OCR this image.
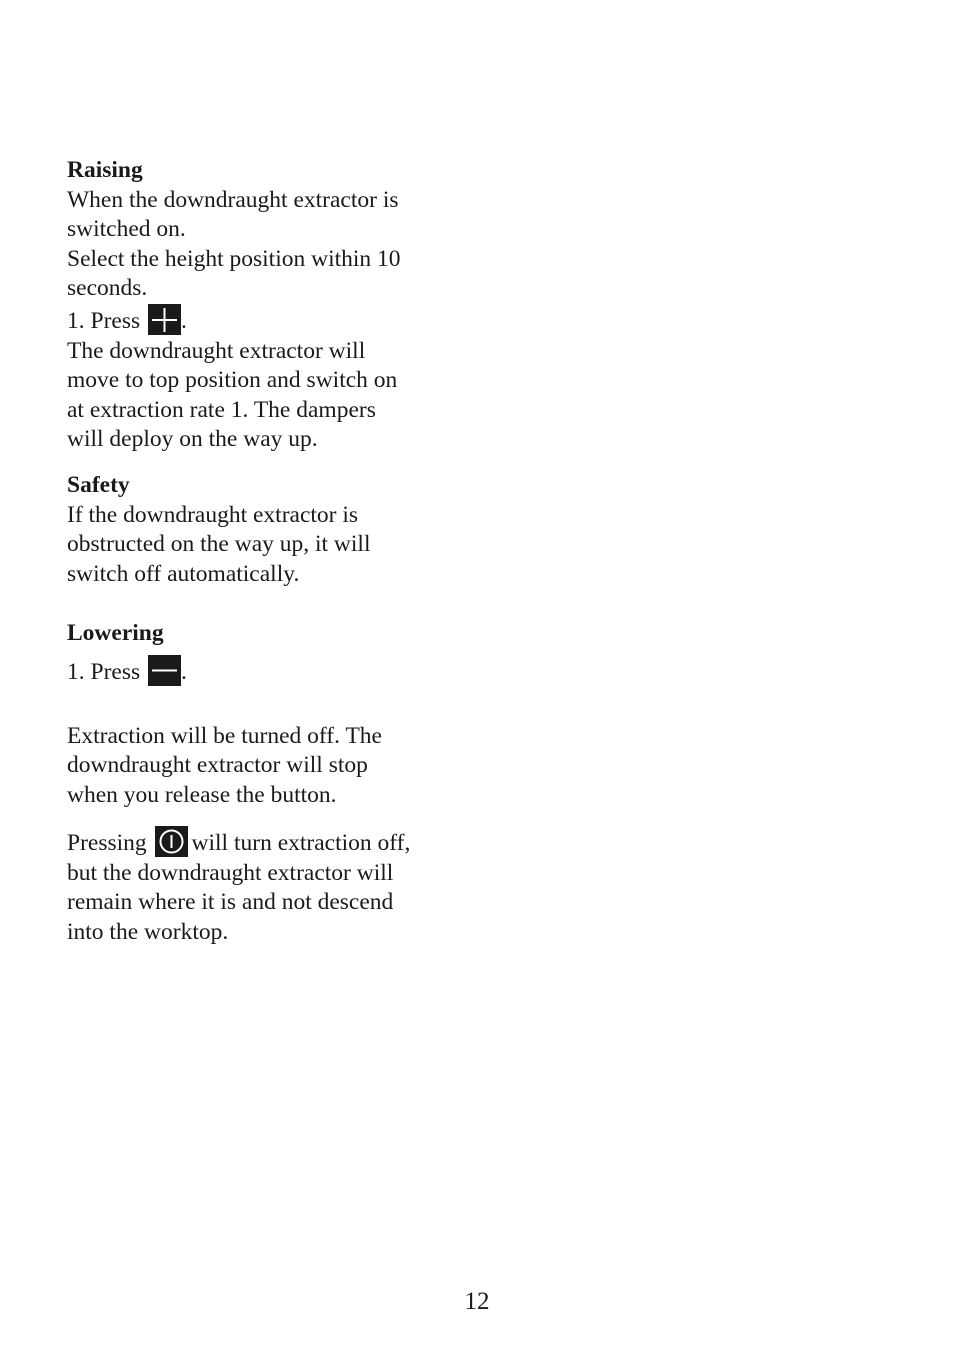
Raising

When the downdraught extractor is

switched on.

Select the height position within 10

seconds.

1. Press .

The downdraught extractor will

move to top position and switch on

at extraction rate 1. The dampers

will deploy on the way up.

Safety

If the downdraught extractor is

obstructed on the way up, it will

switch off automatically.

Lowering

1. Press .

Extraction will be turned off. The

downdraught extractor will stop

when you release the button.

Pressing will turn extraction off,

but the downdraught extractor will

remain where it is and not descend

into the worktop.

12
